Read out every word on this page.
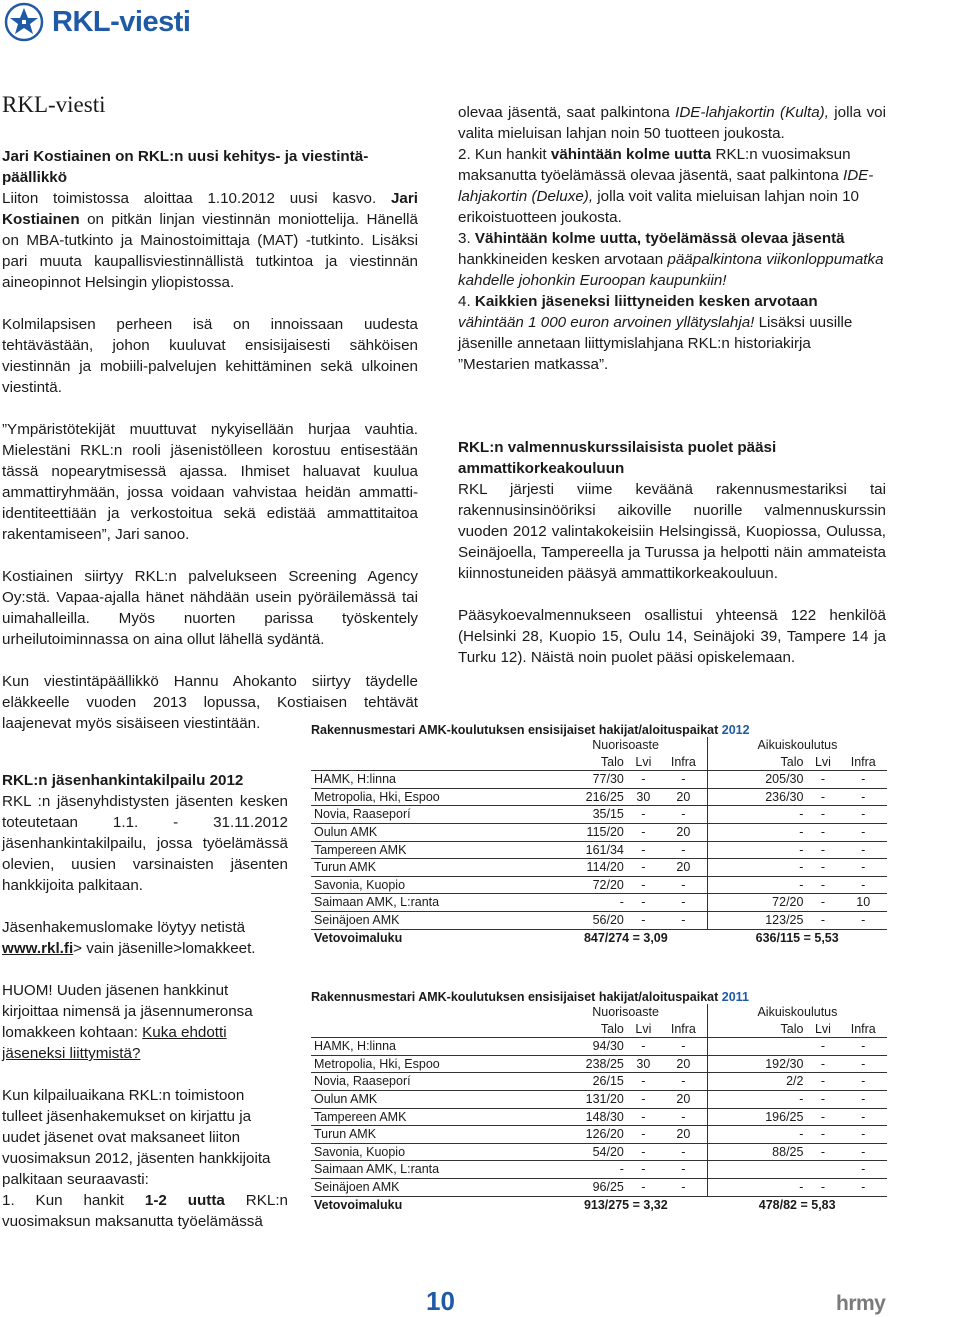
RKL-viesti
RKL-viesti
Jari Kostiainen on RKL:n uusi kehitys- ja viestintäpäällikkö

Liiton toimistossa aloittaa 1.10.2012 uusi kasvo. Jari Kostiainen on pitkän linjan viestinnän moniottelija. Hänellä on MBA-tutkinto ja Mainostoimittaja (MAT) -tutkinto. Lisäksi pari muuta kaupallisviestinnällistä tutkintoa ja viestinnän aineopinnot Helsingin yliopistossa.

Kolmilapsisen perheen isä on innoissaan uudesta tehtävästään, johon kuuluvat ensisijaisesti sähköisen viestinnän ja mobiili-palvelujen kehittäminen sekä ulkoinen viestintä.

”Ympäristötekijät muuttuvat nykyisellään hurjaa vauhtia. Mielestäni RKL:n rooli jäsenistölleen korostuu entisestään tässä nopearytmisessä ajassa. Ihmiset haluavat kuulua ammattiryhmään, jossa voidaan vahvistaa heidän ammatti-identiteettiään ja verkostoitua sekä edistää ammattitaitoa rakentamiseen”, Jari sanoo.

Kostiainen siirtyy RKL:n palvelukseen Screening Agency Oy:stä. Vapaa-ajalla hänet nähdään usein pyöräilemässä tai uimahalleilla. Myös nuorten parissa työskentely urheilutoiminnassa on aina ollut lähellä sydäntä.

Kun viestintäpäällikkö Hannu Ahokanto siirtyy täydelle eläkkeelle vuoden 2013 lopussa, Kostiaisen tehtävät laajenevat myös sisäiseen viestintään.

RKL:n jäsenhankintakilpailu 2012

RKL :n jäsenyhdistysten jäsenten kesken toteutetaan 1.1. - 31.11.2012 jäsenhankintakilpailu, jossa työelämässä olevien, uusien varsinaisten jäsenten hankkijoita palkitaan.

Jäsenhakemuslomake löytyy netistä www.rkl.fi> vain jäsenille>lomakkeet.

HUOM! Uuden jäsenen hankkinut kirjoittaa nimensä ja jäsennumeronsa lomakkeen kohtaan: Kuka ehdotti jäseneksi liittymistä?

Kun kilpailuaikana RKL:n toimistoon tulleet jäsenhakemukset on kirjattu ja uudet jäsenet ovat maksaneet liiton vuosimaksun 2012, jäsenten hankkijoita palkitaan seuraavasti:

1. Kun hankit 1-2 uutta RKL:n vuosimaksun maksanutta työelämässä

olevaa jäsentä, saat palkintona IDE-lahjakortin (Kulta), jolla voi valita mieluisan lahjan noin 50 tuotteen joukosta.

2. Kun hankit vähintään kolme uutta RKL:n vuosimaksun maksanutta työelämässä olevaa jäsentä, saat palkintona IDE-lahjakortin (Deluxe), jolla voit valita mieluisan lahjan noin 10 erikoistuotteen joukosta.

3. Vähintään kolme uutta, työelämässä olevaa jäsentä hankkineiden kesken arvotaan pääpalkintona viikonloppumatka kahdelle johonkin Euroopan kaupunkiin!

4. Kaikkien jäseneksi liittyneiden kesken arvotaan vähintään 1 000 euron arvoinen yllätyslahja! Lisäksi uusille jäsenille annetaan liittymislahjana RKL:n historiakirja ”Mestarien matkassa”.

RKL:n valmennuskurssilaisista puolet pääsi ammattikorkeakouluun

RKL järjesti viime keväänä rakennusmestariksi tai rakennusinsinööriksi aikoville nuorille valmennuskurssin vuoden 2012 valintakokeisiin Helsingissä, Kuopiossa, Oulussa, Seinäjoella, Tampereella ja Turussa ja helpotti näin ammateista kiinnostuneiden pääsyä ammattikorkeakouluun.

Pääsykoevalmennukseen osallistui yhteensä 122 henkilöä (Helsinki 28, Kuopio 15, Oulu 14, Seinäjoki 39, Tampere 14 ja Turku 12). Näistä noin puolet pääsi opiskelemaan.

Rakennusmestari AMK-koulutuksen ensisijaiset hakijat/aloituspaikat 2012
	Nuorisoaste			Aikuiskoulutus		
	Talo	Lvi	Infra	Talo	Lvi	Infra
HAMK, H:linna	77/30	-	-	205/30	-	-
Metropolia, Hki, Espoo	216/25	30	20	236/30	-	-
Novia, Raaseporí	35/15	-	-	-	-	-
Oulun AMK	115/20	-	20	-	-	-
Tampereen AMK	161/34	-	-	-	-	-
Turun AMK	114/20	-	20	-	-	-
Savonia, Kuopio	72/20	-	-	-	-	-
Saimaan AMK, L:ranta	-	-	-	72/20	-	10
Seinäjoen AMK	56/20	-	-	123/25	-	-
Vetovoimaluku	847/274 = 3,09			636/115 = 5,53		
Rakennusmestari AMK-koulutuksen ensisijaiset hakijat/aloituspaikat 2011
	Nuorisoaste			Aikuiskoulutus		
	Talo	Lvi	Infra	Talo	Lvi	Infra
HAMK, H:linna	94/30	-	-		-	-
Metropolia, Hki, Espoo	238/25	30	20	192/30	-	-
Novia, Raaseporí	26/15	-	-	2/2	-	-
Oulun AMK	131/20	-	20	-	-	-
Tampereen AMK	148/30	-	-	196/25	-	-
Turun AMK	126/20	-	20	-	-	-
Savonia, Kuopio	54/20	-	-	88/25	-	-
Saimaan AMK, L:ranta	-	-	-			-
Seinäjoen AMK	96/25	-	-	-	-	-
Vetovoimaluku	913/275 = 3,32			478/82 = 5,83		
10	hrmy
